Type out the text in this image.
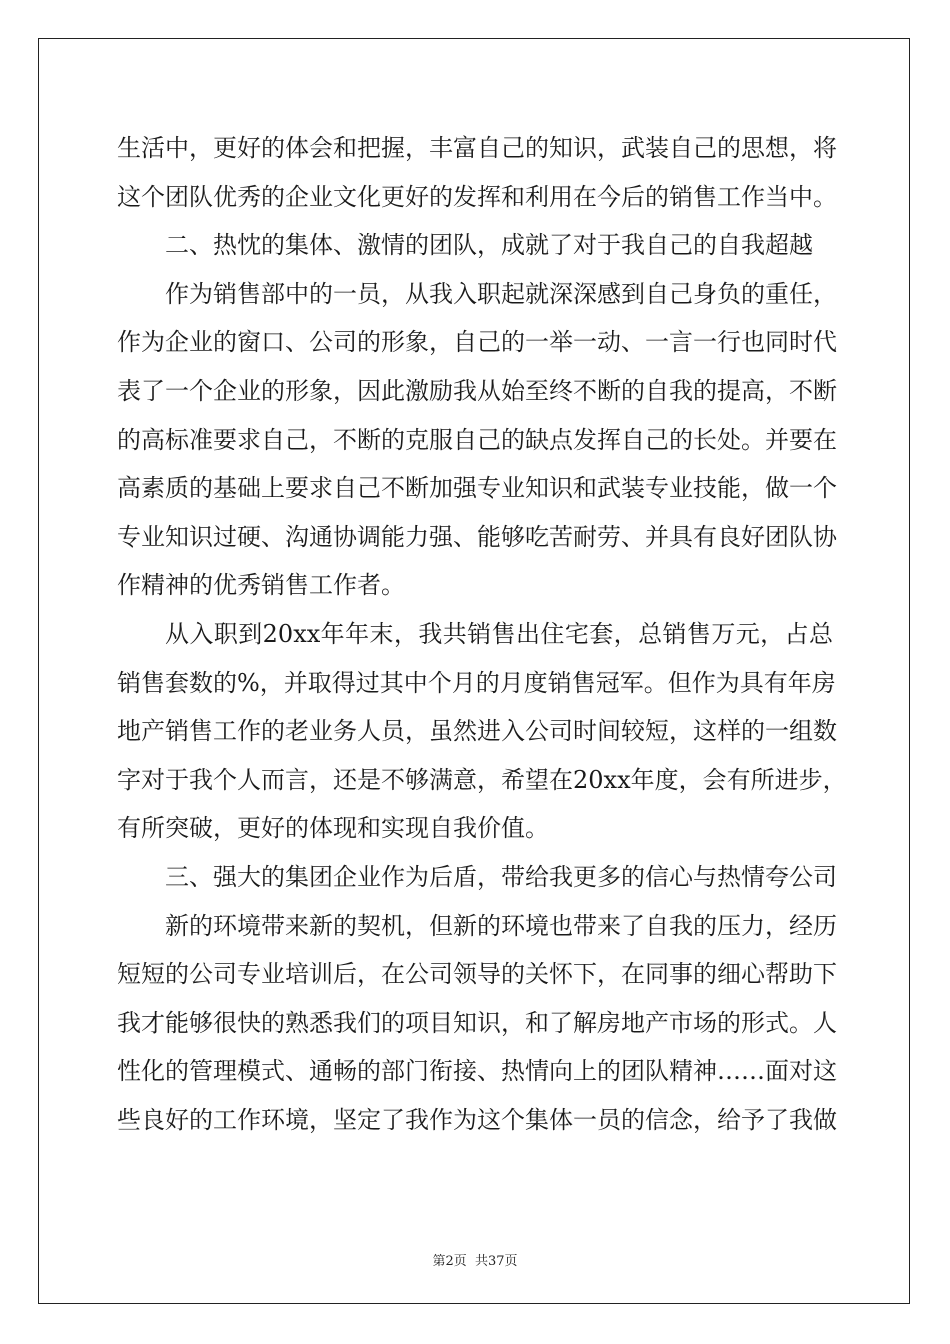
生活中，更好的体会和把握，丰富自己的知识，武装自己的思想，将
这个团队优秀的企业文化更好的发挥和利用在今后的销售工作当中。
二、热忱的集体、激情的团队，成就了对于我自己的自我超越
作为销售部中的一员，从我入职起就深深感到自己身负的重任，
作为企业的窗口、公司的形象，自己的一举一动、一言一行也同时代
表了一个企业的形象，因此激励我从始至终不断的自我的提高，不断
的高标准要求自己，不断的克服自己的缺点发挥自己的长处。并要在
高素质的基础上要求自己不断加强专业知识和武装专业技能，做一个
专业知识过硬、沟通协调能力强、能够吃苦耐劳、并具有良好团队协
作精神的优秀销售工作者。
从入职到20xx年年末，我共销售出住宅套，总销售万元，占总
销售套数的%，并取得过其中个月的月度销售冠军。但作为具有年房
地产销售工作的老业务人员，虽然进入公司时间较短，这样的一组数
字对于我个人而言，还是不够满意，希望在20xx年度，会有所进步，
有所突破，更好的体现和实现自我价值。
三、强大的集团企业作为后盾，带给我更多的信心与热情夸公司
新的环境带来新的契机，但新的环境也带来了自我的压力，经历
短短的公司专业培训后，在公司领导的关怀下，在同事的细心帮助下
我才能够很快的熟悉我们的项目知识，和了解房地产市场的形式。人
性化的管理模式、通畅的部门衔接、热情向上的团队精神……面对这
些良好的工作环境，坚定了我作为这个集体一员的信念，给予了我做
第2页 共37页
